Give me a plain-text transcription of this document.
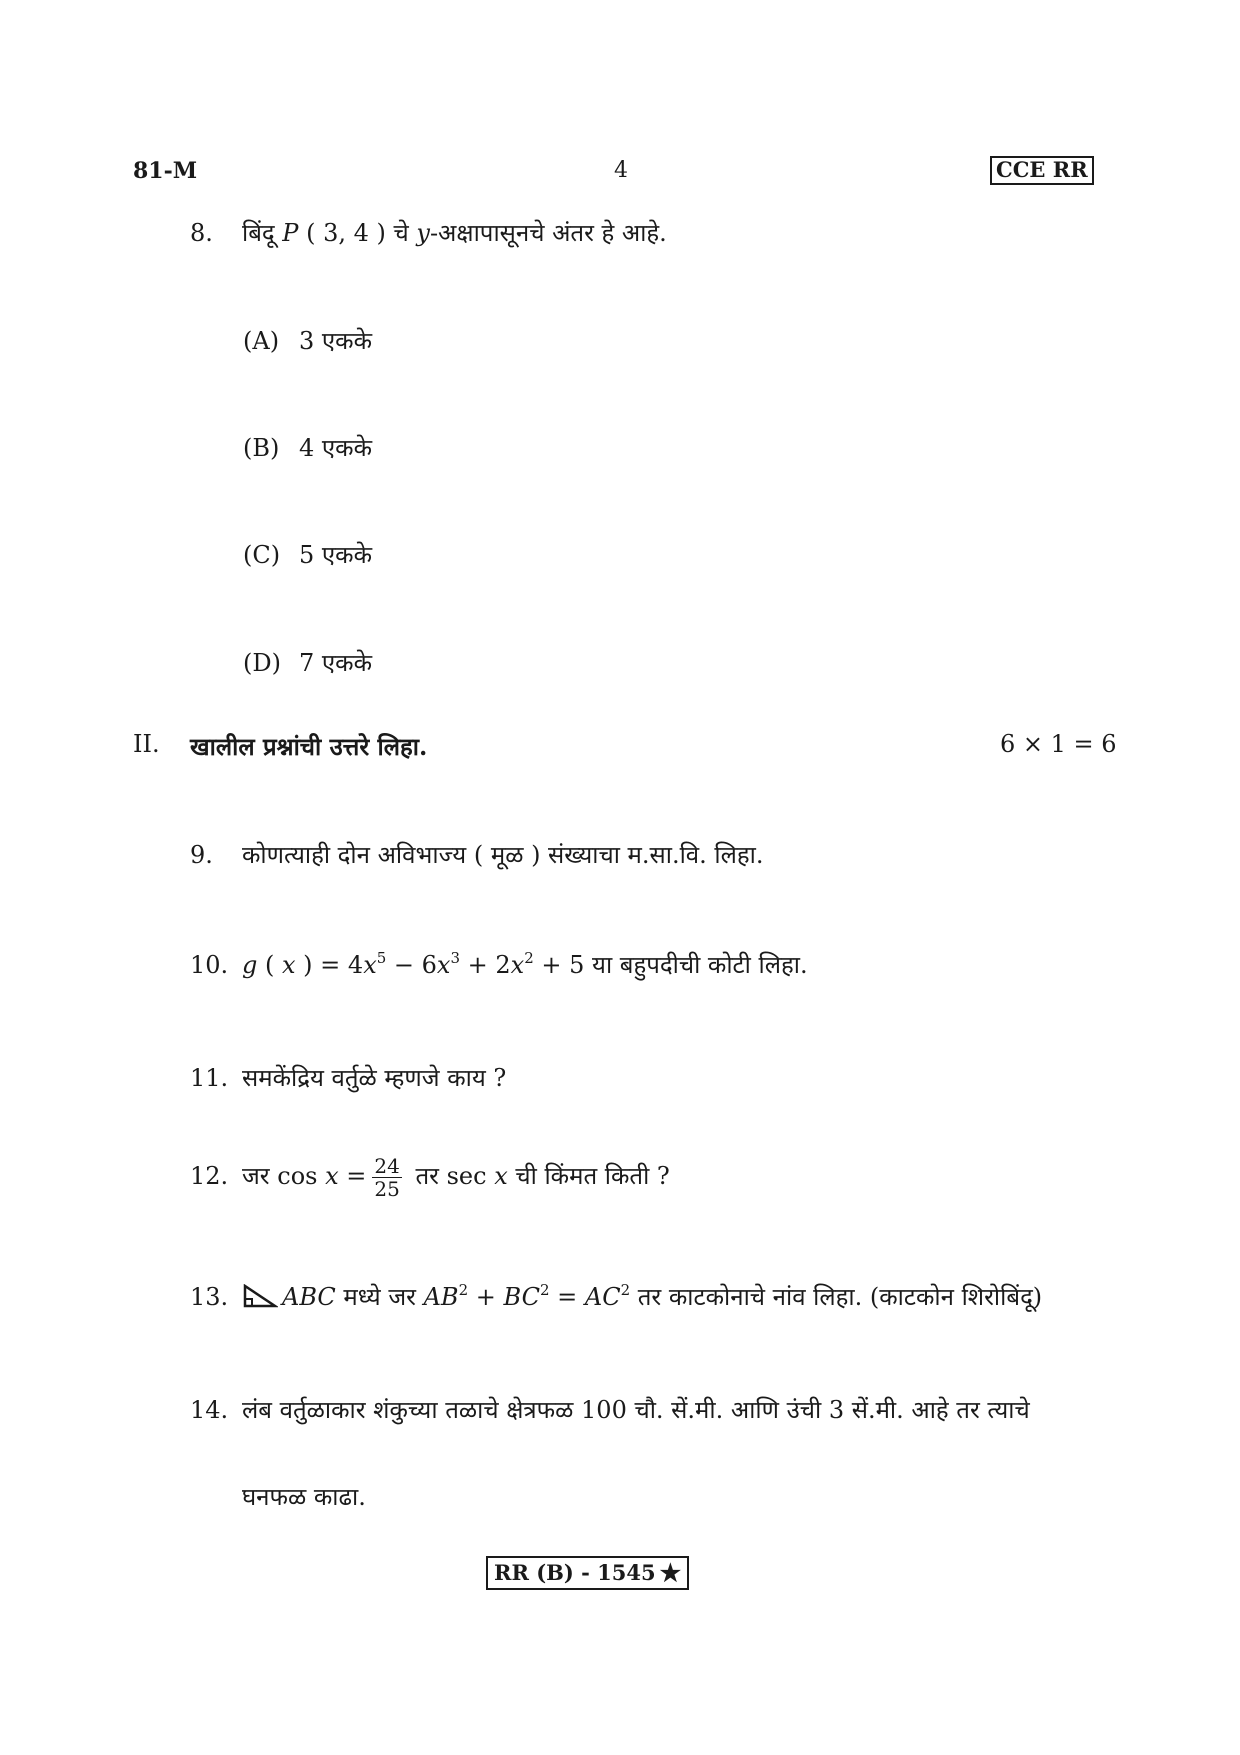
81-M	4	CCE RR
8. बिंदू P ( 3, 4 ) चे y-अक्षापासूनचे अंतर हे आहे.
(A) 3 एकके
(B) 4 एकके
(C) 5 एकके
(D) 7 एकके
II. खालील प्रश्नांची उत्तरे लिहा.	6 × 1 = 6
9. कोणत्याही दोन अविभाज्य ( मूळ ) संख्याचा म.सा.वि. लिहा.
10. g ( x ) = $4x^5 - 6x^3 + 2x^2 + 5$ या बहुपदीची कोटी लिहा.
11. समकेंद्रिय वर्तुळे म्हणजे काय ?
12. जर $\cos x = \frac{24}{25}$ तर sec x ची किंमत किती ?
13. ABC मध्ये जर $AB^2 + BC^2 = AC^2$ तर काटकोनाचे नांव लिहा. (काटकोन शिरोबिंदू)
14. लंब वर्तुळाकार शंकुच्या तळाचे क्षेत्रफळ 100 चौ. सें.मी. आणि उंची 3 सें.मी. आहे तर त्याचे
घनफळ काढा.
RR (B) - 1545 ★
